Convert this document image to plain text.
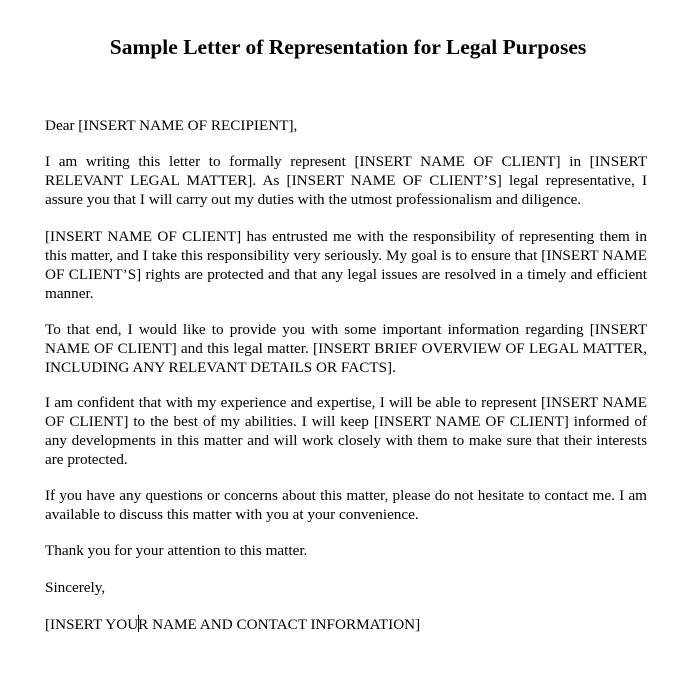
Sample Letter of Representation for Legal Purposes

Dear [INSERT NAME OF RECIPIENT],

I am writing this letter to formally represent [INSERT NAME OF CLIENT] in [INSERT RELEVANT LEGAL MATTER]. As [INSERT NAME OF CLIENT’S] legal representative, I assure you that I will carry out my duties with the utmost professionalism and diligence.

[INSERT NAME OF CLIENT] has entrusted me with the responsibility of representing them in this matter, and I take this responsibility very seriously. My goal is to ensure that [INSERT NAME OF CLIENT’S] rights are protected and that any legal issues are resolved in a timely and efficient manner.

To that end, I would like to provide you with some important information regarding [INSERT NAME OF CLIENT] and this legal matter. [INSERT BRIEF OVERVIEW OF LEGAL MATTER, INCLUDING ANY RELEVANT DETAILS OR FACTS].

I am confident that with my experience and expertise, I will be able to represent [INSERT NAME OF CLIENT] to the best of my abilities. I will keep [INSERT NAME OF CLIENT] informed of any developments in this matter and will work closely with them to make sure that their interests are protected.

If you have any questions or concerns about this matter, please do not hesitate to contact me. I am available to discuss this matter with you at your convenience.

Thank you for your attention to this matter.

Sincerely,

[INSERT YOUR NAME AND CONTACT INFORMATION]
